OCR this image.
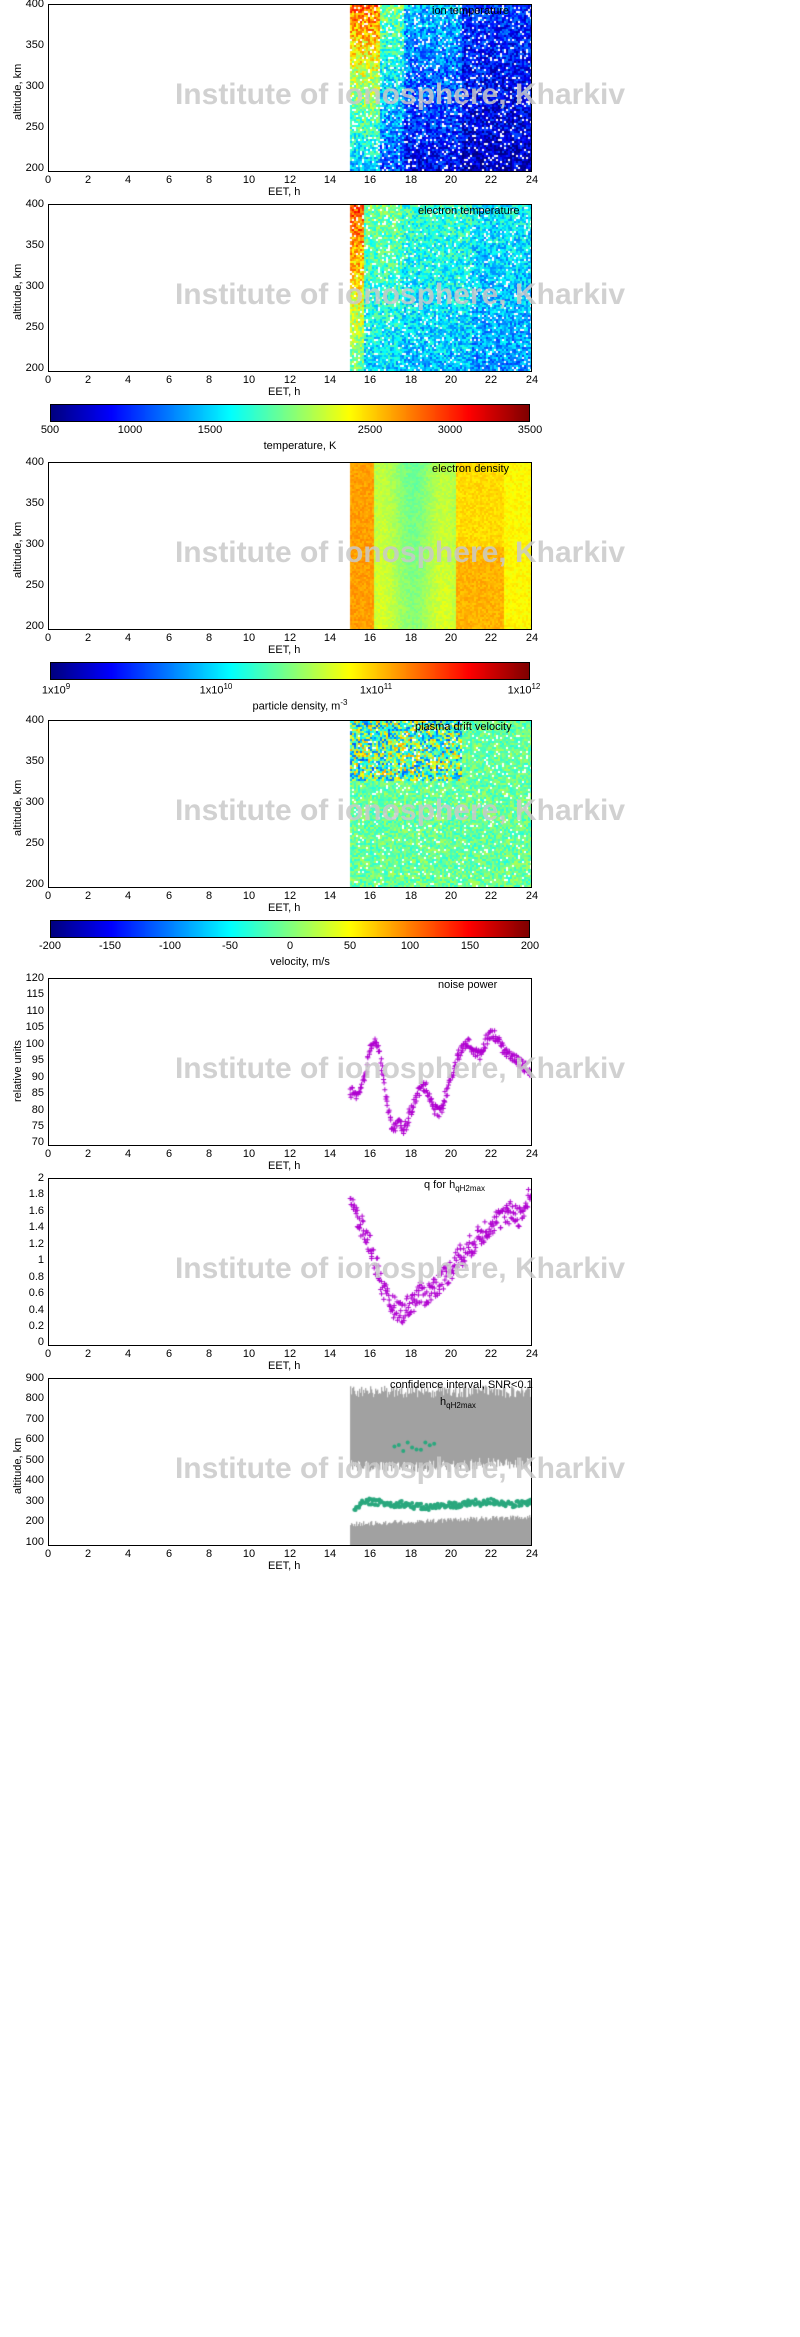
ion temperature
Institute of ionosphere, Kharkiv
altitude, km
EET, h
400
350
300
250
200
0	2	4	6	8	10	12	14	16	18	20	22	24
electron temperature
Institute of ionosphere, Kharkiv
altitude, km
EET, h
400
350
300
250
200
0	2	4	6	8	10	12	14	16	18	20	22	24
500	1000	1500	2500	3000	3500
temperature, K
electron density
Institute of ionosphere, Kharkiv
altitude, km
EET, h
400
350
300
250
200
0	2	4	6	8	10	12	14	16	18	20	22	24
$1x10^9$	$1x10^{10}$	$1x10^{11}$	$1x10^{12}$
particle density, $m^{-3}$
plasma drift velocity
Institute of ionosphere, Kharkiv
altitude, km
EET, h
400
350
300
250
200
0	2	4	6	8	10	12	14	16	18	20	22	24
-200	-150	-100	-50	0	50	100	150	200
velocity, m/s
noise power
Institute of ionosphere, Kharkiv
relative units
EET, h
120
115
110
105
100
95
90
85
80
75
70
0	2	4	6	8	10	12	14	16	18	20	22	24
q for $h_{qH2max}$
Institute of ionosphere, Kharkiv
EET, h
2
1.8
1.6
1.4
1.2
1
0.8
0.6
0.4
0.2
0
0	2	4	6	8	10	12	14	16	18	20	22	24
confidence interval, SNR<0.1
$h_{qH2max}$
Institute of ionosphere, Kharkiv
altitude, km
EET, h
900
800
700
600
500
400
300
200
100
0	2	4	6	8	10	12	14	16	18	20	22	24
